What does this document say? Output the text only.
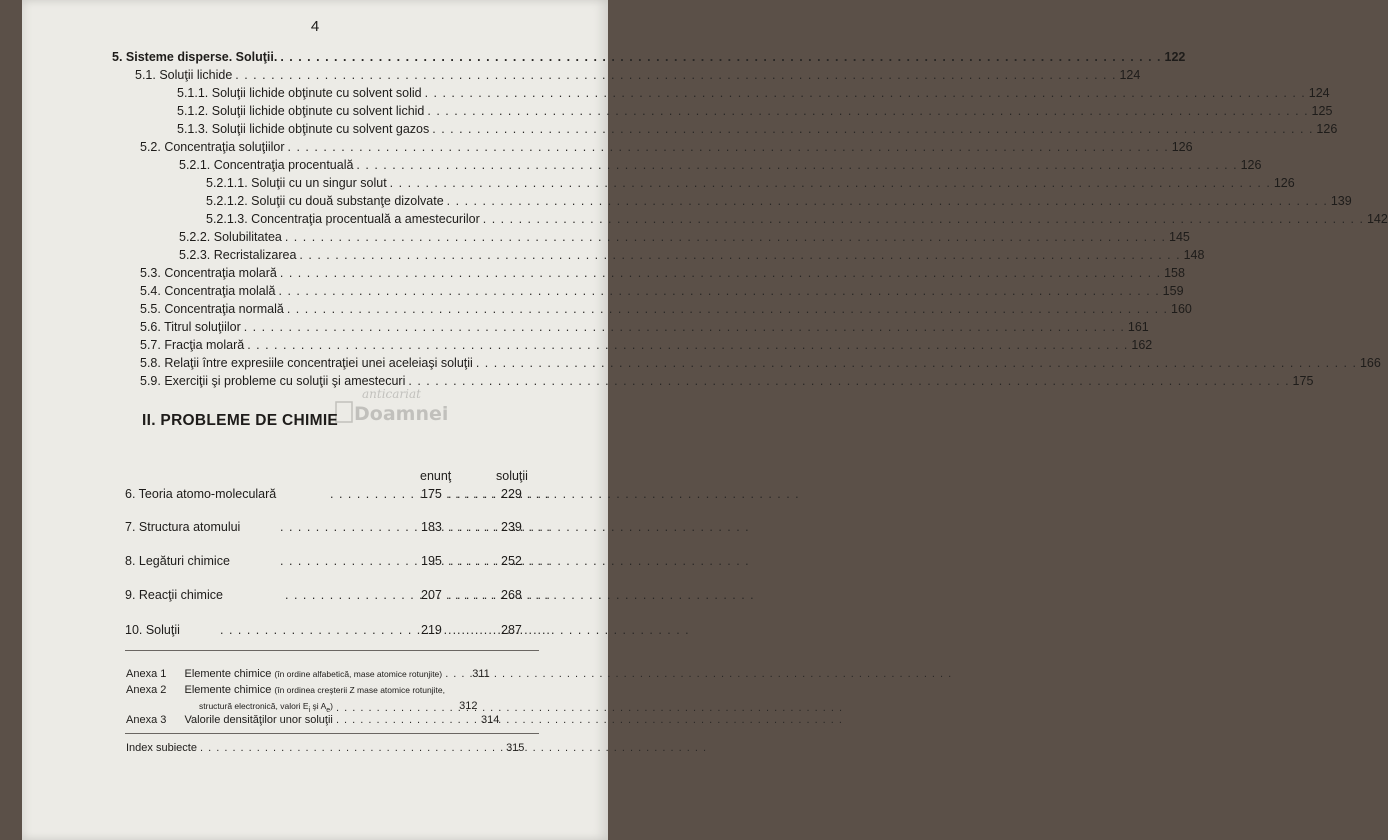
4
5. Sisteme disperse. Soluţii. . . .	122
5.1. Soluţii lichide . . .	124
5.1.1. Soluţii lichide obţinute cu solvent solid . . .	124
5.1.2. Soluţii lichide obţinute cu solvent lichid . . .	125
5.1.3. Soluţii lichide obţinute cu solvent gazos . . .	126
5.2. Concentraţia soluţiilor . . .	126
5.2.1. Concentraţia procentuală . . .	126
5.2.1.1. Soluţii cu un singur solut . . .	126
5.2.1.2. Soluţii cu două substanţe dizolvate . . .	139
5.2.1.3. Concentraţia procentuală a amestecurilor . . .	142
5.2.2. Solubilitatea . . .	145
5.2.3. Recristalizarea . . .	148
5.3. Concentraţia molară . . .	158
5.4. Concentraţia molală . . .	159
5.5. Concentraţia normală . . .	160
5.6. Titrul soluţiilor . . .	161
5.7. Fracţia molară . . .	162
5.8. Relaţii între expresiile concentraţiei unei aceleiaşi soluţii . . .	166
5.9. Exerciţii şi probleme cu soluţii şi amestecuri . . .	175
anticariat
Doamnei
II. PROBLEME DE CHIMIE
enunţ	soluţii
6. Teoria atomo-moleculară . . .	175 . . .	229
7. Structura atomului . . .	183 . . .	239
8. Legături chimice . . .	195 . . .	252
9. Reacţii chimice . . .	207 . . .	268
10. Soluţii . . .	219 . . .	287
Anexa 1 Elemente chimice (în ordine alfabetică, mase atomice rotunjite) . . .	311
Anexa 2 Elemente chimice (în ordinea creşterii Z mase atomice rotunjite,
structură electronică, valori $E_i$ şi $A_e$) . . .	312
Anexa 3 Valorile densităţilor unor soluţii . . .	314
Index subiecte . . .	315
